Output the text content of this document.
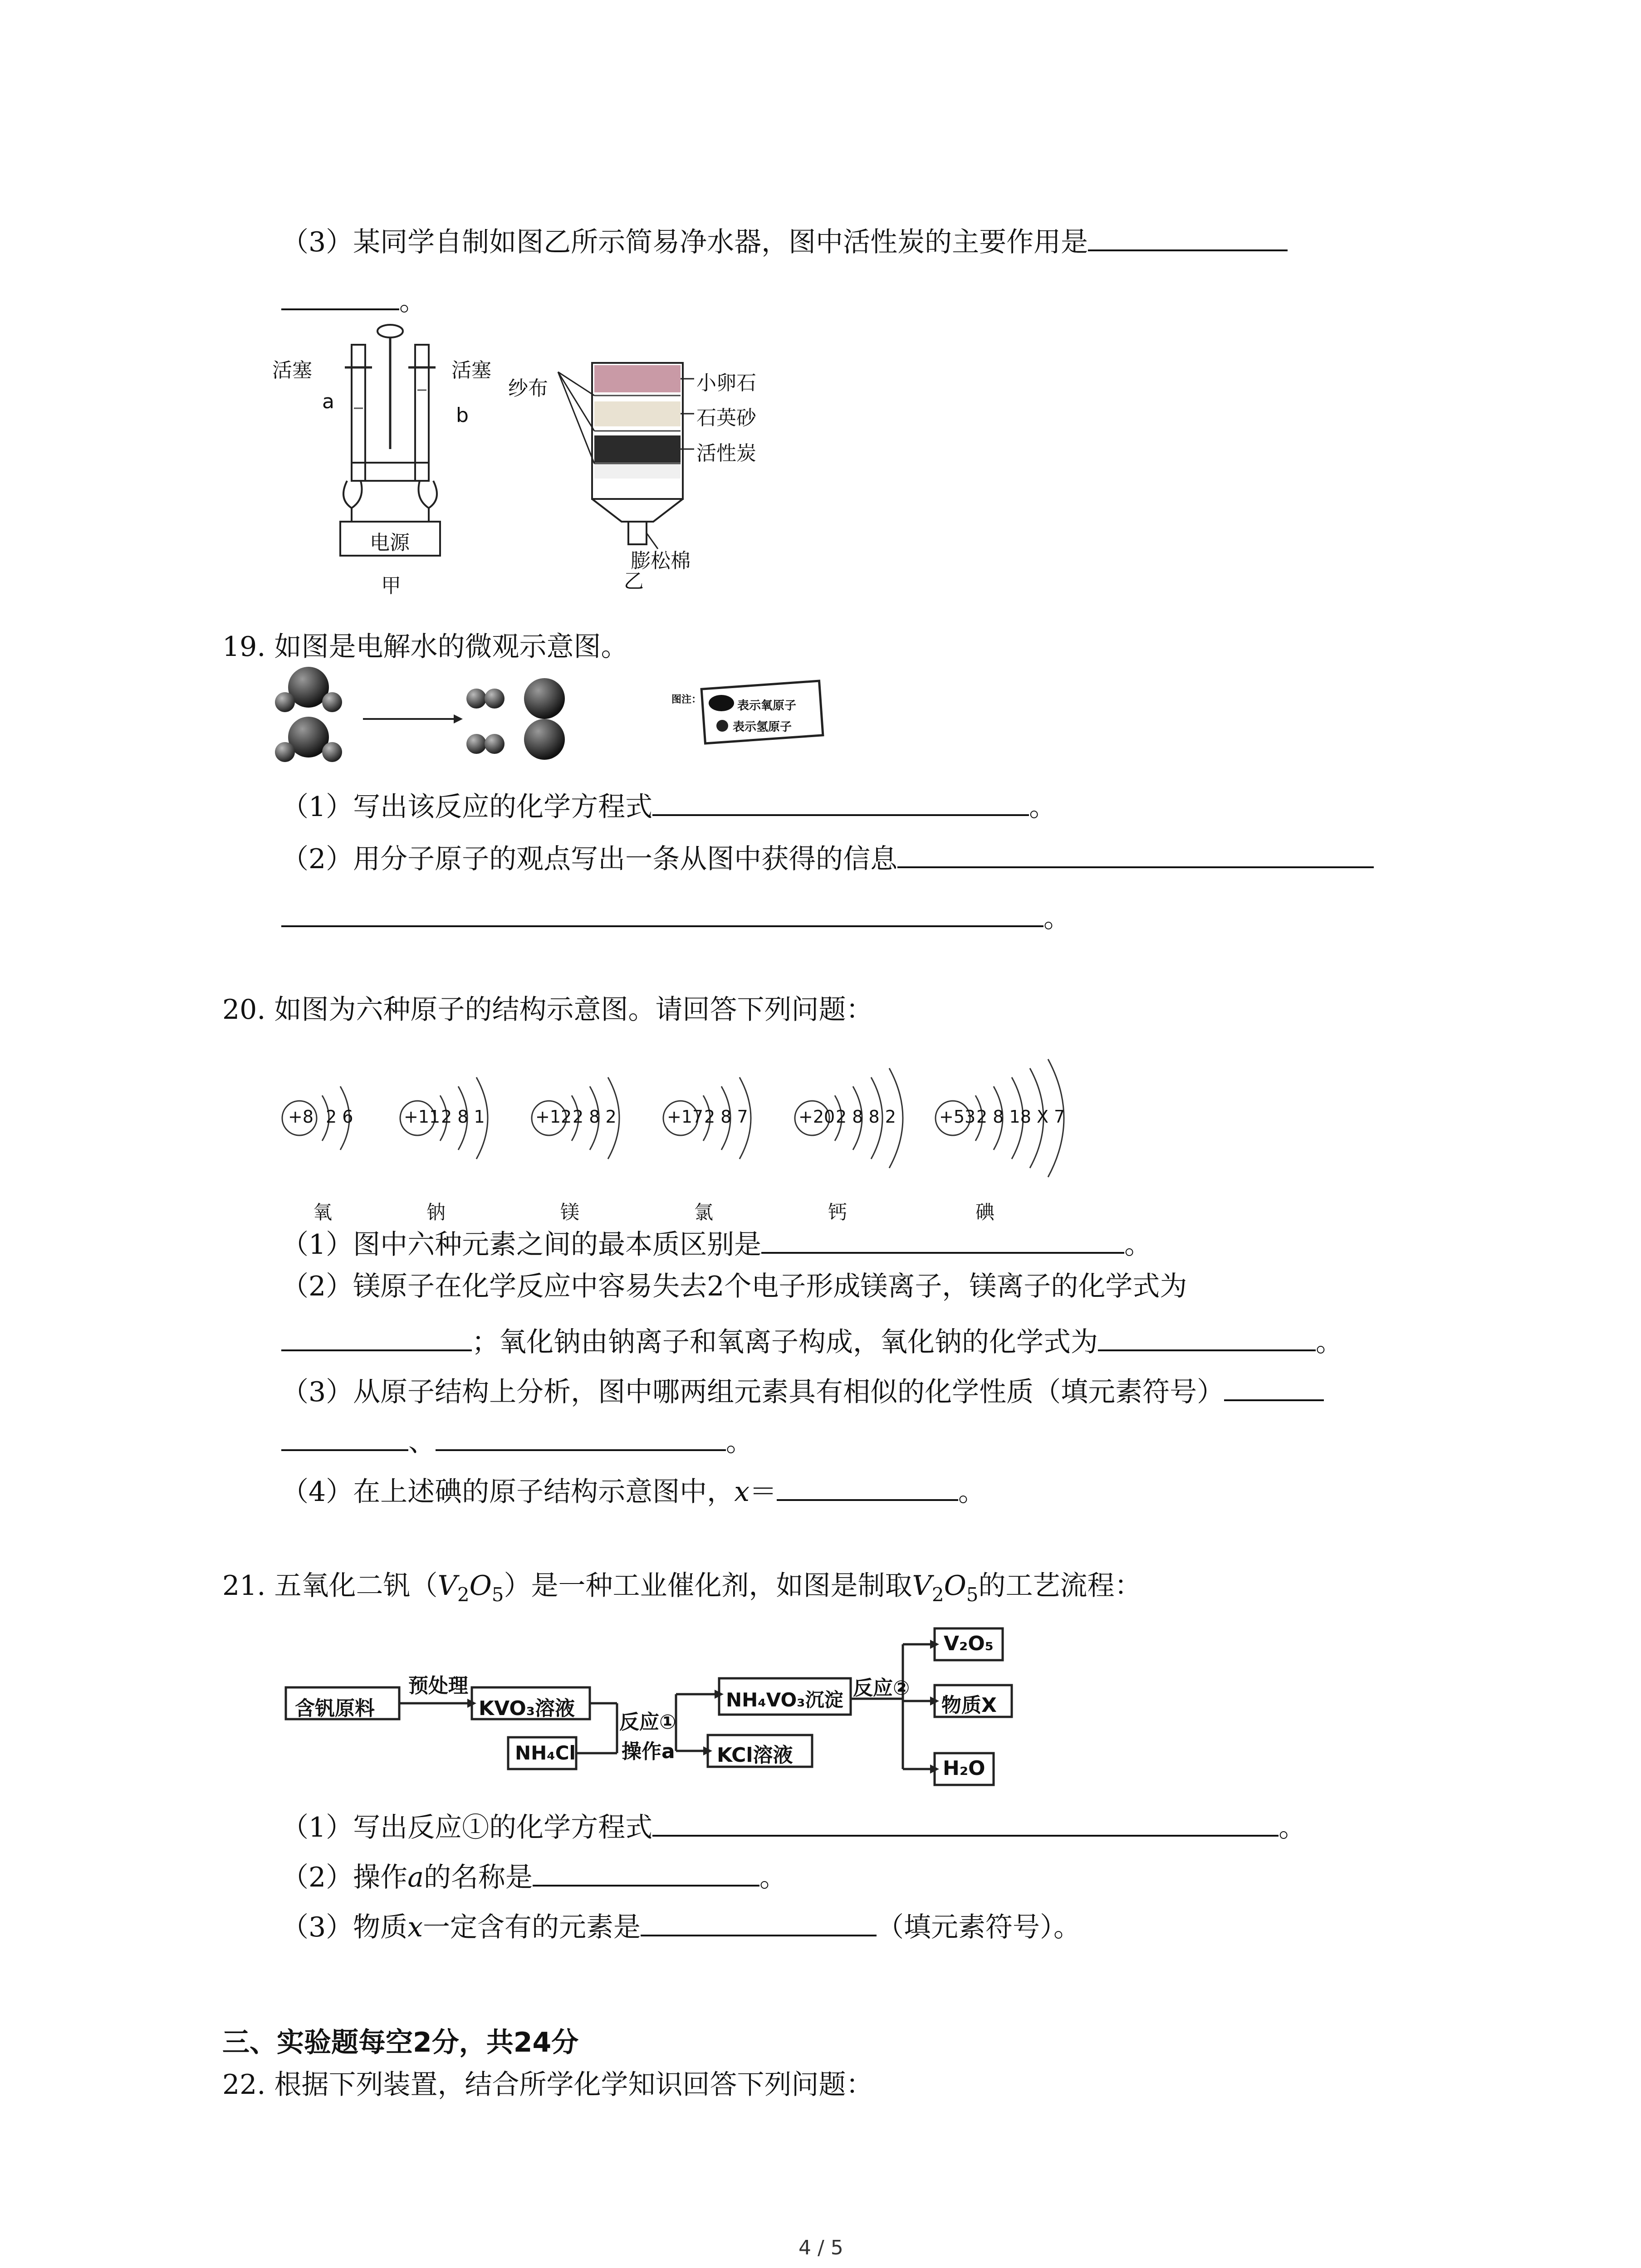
（3）某同学自制如图乙所示简易净水器，图中活性炭的主要作用是
。
活塞	活塞
a
b
电源
甲
纱布	小卵石
石英砂
活性炭
膨松棉
乙
19. 如图是电解水的微观示意图。
图注：	表示氧原子
表示氢原子
（1）写出该反应的化学方程式	。
（2）用分子原子的观点写出一条从图中获得的信息
。
20. 如图为六种原子的结构示意图。请回答下列问题：
+8 2 6
氧
+11 2 8 1
钠
+12 2 8 2
镁
+17 2 8 7
氯
+20 2 8 8 2
钙
+53 2 8 18 X 7
碘
（1）图中六种元素之间的最本质区别是	。
（2）镁原子在化学反应中容易失去2个电子形成镁离子，镁离子的化学式为
；氧化钠由钠离子和氧离子构成，氧化钠的化学式为	。
（3）从原子结构上分析，图中哪两组元素具有相似的化学性质（填元素符号）
、	。
（4）在上述碘的原子结构示意图中，x＝	。
21. 五氧化二钒$(V_2O_5)$是一种工业催化剂，如图是制取$V_2O_5$的工艺流程：
含钒原料
预处理
KVO₃溶液
NH₄Cl
反应①
操作a
NH₄VO₃沉淀
KCl溶液
反应②
V₂O₅
物质X
H₂O
（1）写出反应①的化学方程式	。
（2）操作a的名称是	。
（3）物质x一定含有的元素是	（填元素符号）。
三、实验题每空2分，共24分
22. 根据下列装置，结合所学化学知识回答下列问题：
4 / 5
